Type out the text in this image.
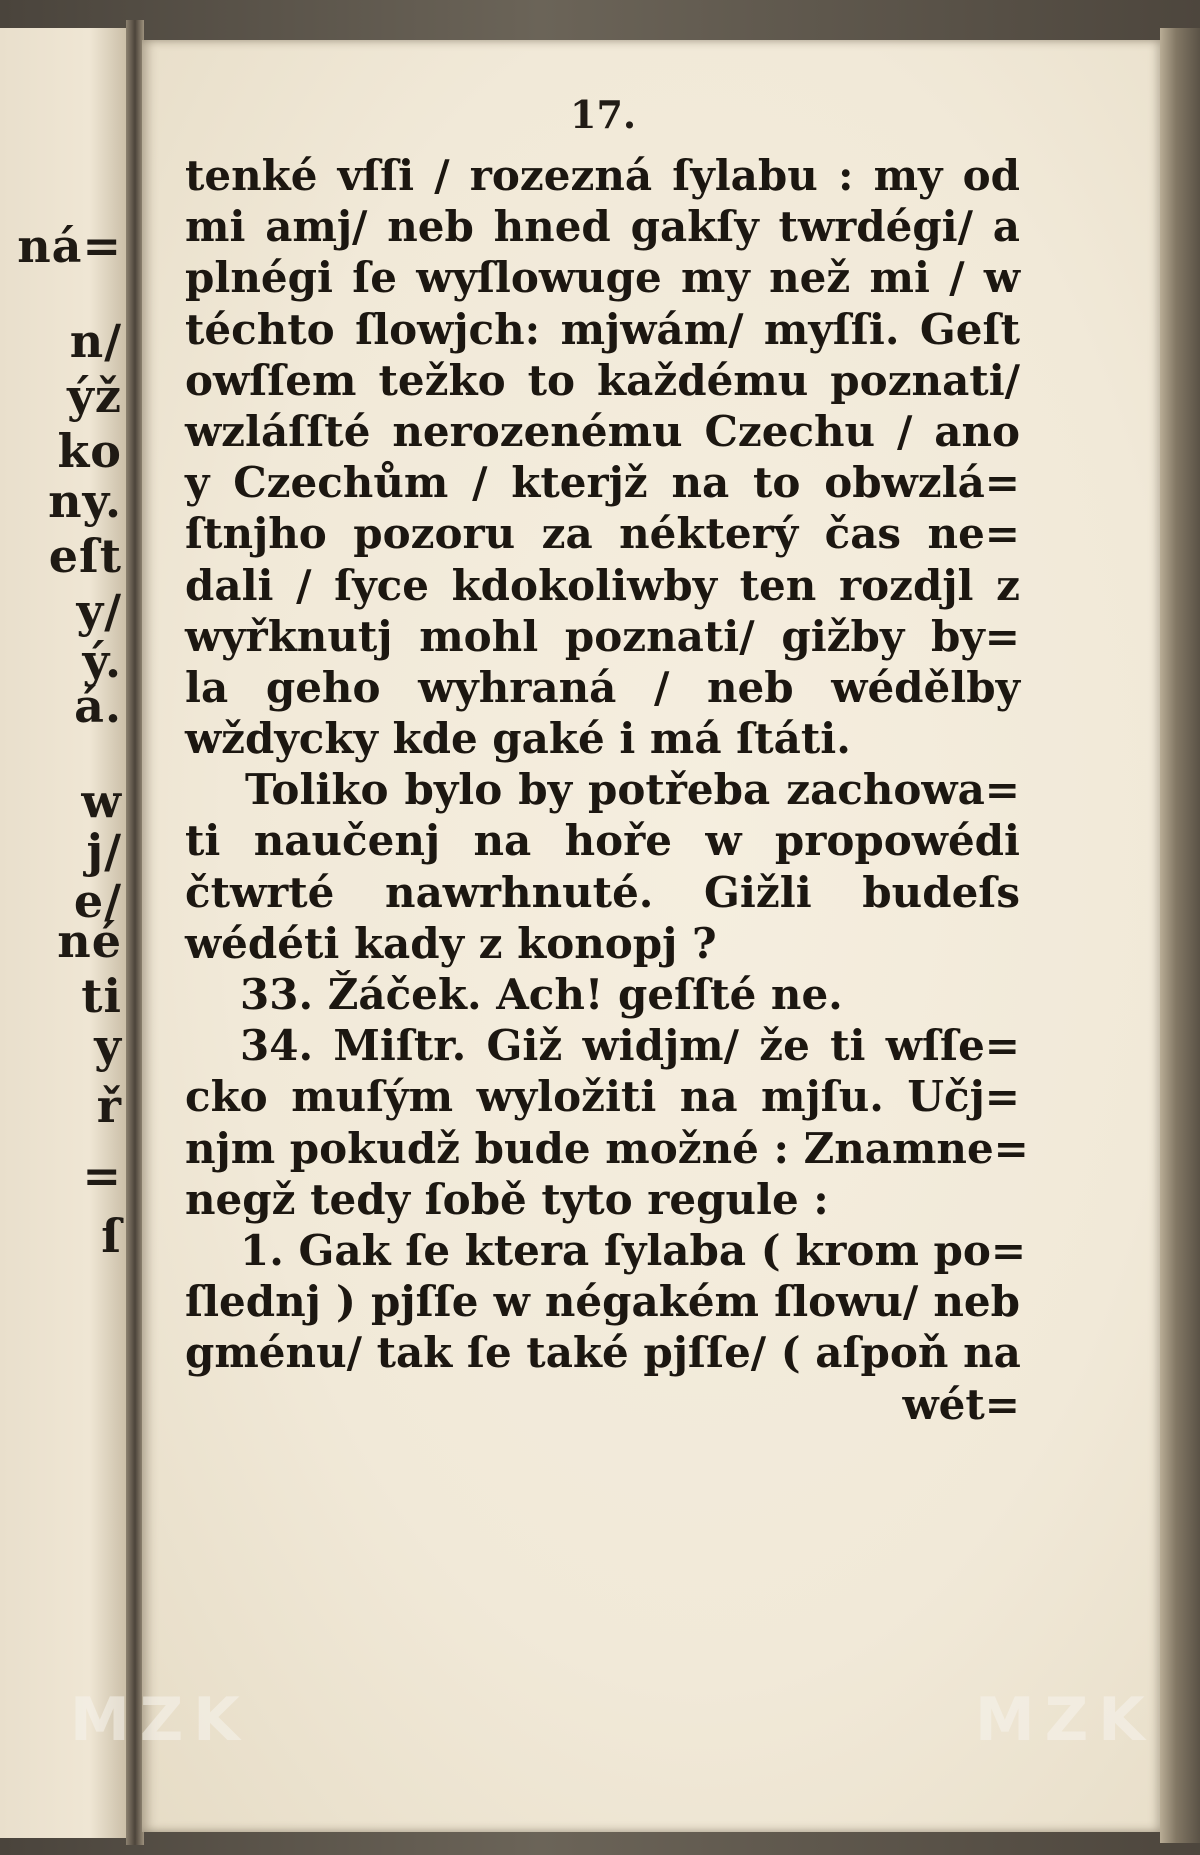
ná=

n/

ýž

ko

ny.

eſt

y/

ý.

á.

w

j/

e/

né

ti

y

ř

=

ſ

17.

tenké vſſi / rozezná ſylabu : my od
mi amj/ neb hned gakſy twrdégi/ a
plnégi ſe wyſlowuge my než mi / w
téchto ſlowjch: mjwám/ myſſi. Geſt
owſſem težko to každému poznati/
wzláſſté nerozenému Czechu / ano
y Czechům / kterjž na to obwzlá=
ſtnjho pozoru za nékterý čas ne=
dali / ſyce kdokoliwby ten rozdjl z
wyřknutj mohl poznati/ gižby by=
la geho wyhraná / neb wédělby
wždycky kde gaké i má ſtáti.
Toliko bylo by potřeba zachowa=
ti naučenj na hoře w propowédi
čtwrté nawrhnuté. Gižli budeſs
wédéti kady z konopj ?
33. Žáček. Ach! geſſté ne.
34. Miſtr. Giž widjm/ že ti wſſe=
cko muſým wyložiti na mjſu. Učj=
njm pokudž bude možné : Znamne=
negž tedy ſobě tyto regule :
1. Gak ſe ktera ſylaba ( krom po=
ſlednj ) pjſſe w négakém ſlowu/ neb
gménu/ tak ſe také pjſſe/ ( aſpoň na
wét=

MZK	MZK
